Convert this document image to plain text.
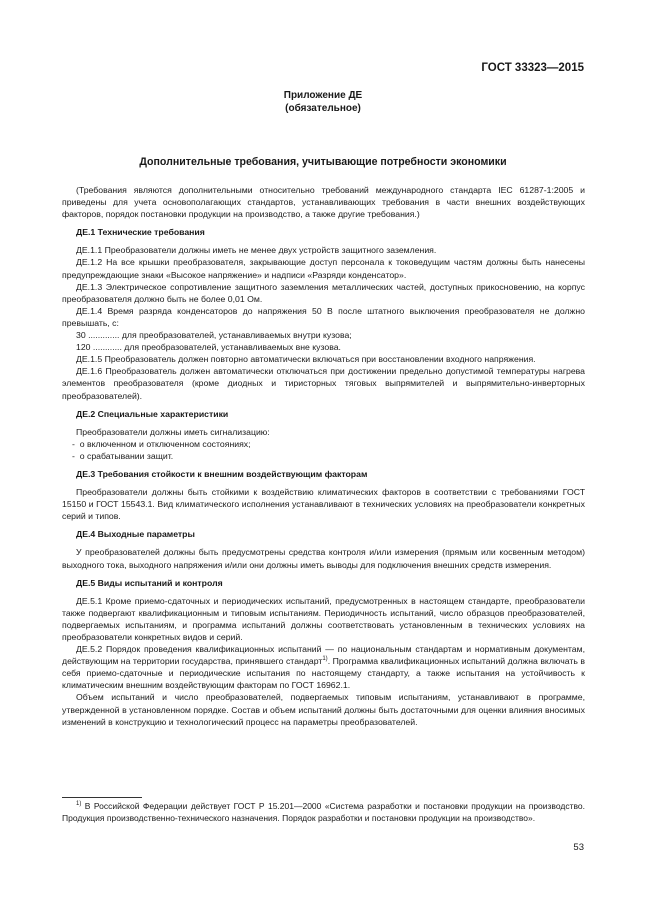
ГОСТ 33323—2015
Приложение ДЕ
(обязательное)
Дополнительные требования, учитывающие потребности экономики

(Требования являются дополнительными относительно требований международного стандарта IEC 61287-1:2005 и приведены для учета основополагающих стандартов, устанавливающих требования в части внешних воздействующих факторов, порядок постановки продукции на производство, а также другие требования.)

ДЕ.1 Технические требования

ДЕ.1.1 Преобразователи должны иметь не менее двух устройств защитного заземления.

ДЕ.1.2 На все крышки преобразователя, закрывающие доступ персонала к токоведущим частям должны быть нанесены предупреждающие знаки «Высокое напряжение» и надписи «Разряди конденсатор».

ДЕ.1.3 Электрическое сопротивление защитного заземления металлических частей, доступных прикосновению, на корпус преобразователя должно быть не более 0,01 Ом.

ДЕ.1.4 Время разряда конденсаторов до напряжения 50 В после штатного выключения преобразователя не должно превышать, с:

30 ............. для преобразователей, устанавливаемых внутри кузова;

120 ............ для преобразователей, устанавливаемых вне кузова.

ДЕ.1.5 Преобразователь должен повторно автоматически включаться при восстановлении входного напряжения.

ДЕ.1.6 Преобразователь должен автоматически отключаться при достижении предельно допустимой температуры нагрева элементов преобразователя (кроме диодных и тиристорных тяговых выпрямителей и выпрямительно-инверторных преобразователей).

ДЕ.2 Специальные характеристики

Преобразователи должны иметь сигнализацию:

-  о включенном и отключенном состояниях;

-  о срабатывании защит.

ДЕ.3 Требования стойкости к внешним воздействующим факторам

Преобразователи должны быть стойкими к воздействию климатических факторов в соответствии с требованиями ГОСТ 15150 и ГОСТ 15543.1. Вид климатического исполнения устанавливают в технических условиях на преобразователи конкретных серий и типов.

ДЕ.4 Выходные параметры

У преобразователей должны быть предусмотрены средства контроля и/или измерения (прямым или косвенным методом) выходного тока, выходного напряжения и/или они должны иметь выводы для подключения внешних средств измерения.

ДЕ.5 Виды испытаний и контроля

ДЕ.5.1 Кроме приемо-сдаточных и периодических испытаний, предусмотренных в настоящем стандарте, преобразователи также подвергают квалификационным и типовым испытаниям. Периодичность испытаний, число образцов преобразователей, подвергаемых испытаниям, и программа испытаний должны соответствовать установленным в технических условиях на преобразователи конкретных видов и серий.

ДЕ.5.2 Порядок проведения квалификационных испытаний — по национальным стандартам и нормативным документам, действующим на территории государства, принявшего стандарт$^{1)}$. Программа квалификационных испытаний должна включать в себя приемо-сдаточные и периодические испытания по настоящему стандарту, а также испытания на устойчивость к климатическим внешним воздействующим факторам по ГОСТ 16962.1.

Объем испытаний и число преобразователей, подвергаемых типовым испытаниям, устанавливают в программе, утвержденной в установленном порядке. Состав и объем испытаний должны быть достаточными для оценки влияния вносимых изменений в конструкцию и технологический процесс на параметры преобразователей.

$^{1)}$ В Российской Федерации действует ГОСТ Р 15.201—2000 «Система разработки и постановки продукции на производство. Продукция производственно-технического назначения. Порядок разработки и постановки продукции на производство».

53
